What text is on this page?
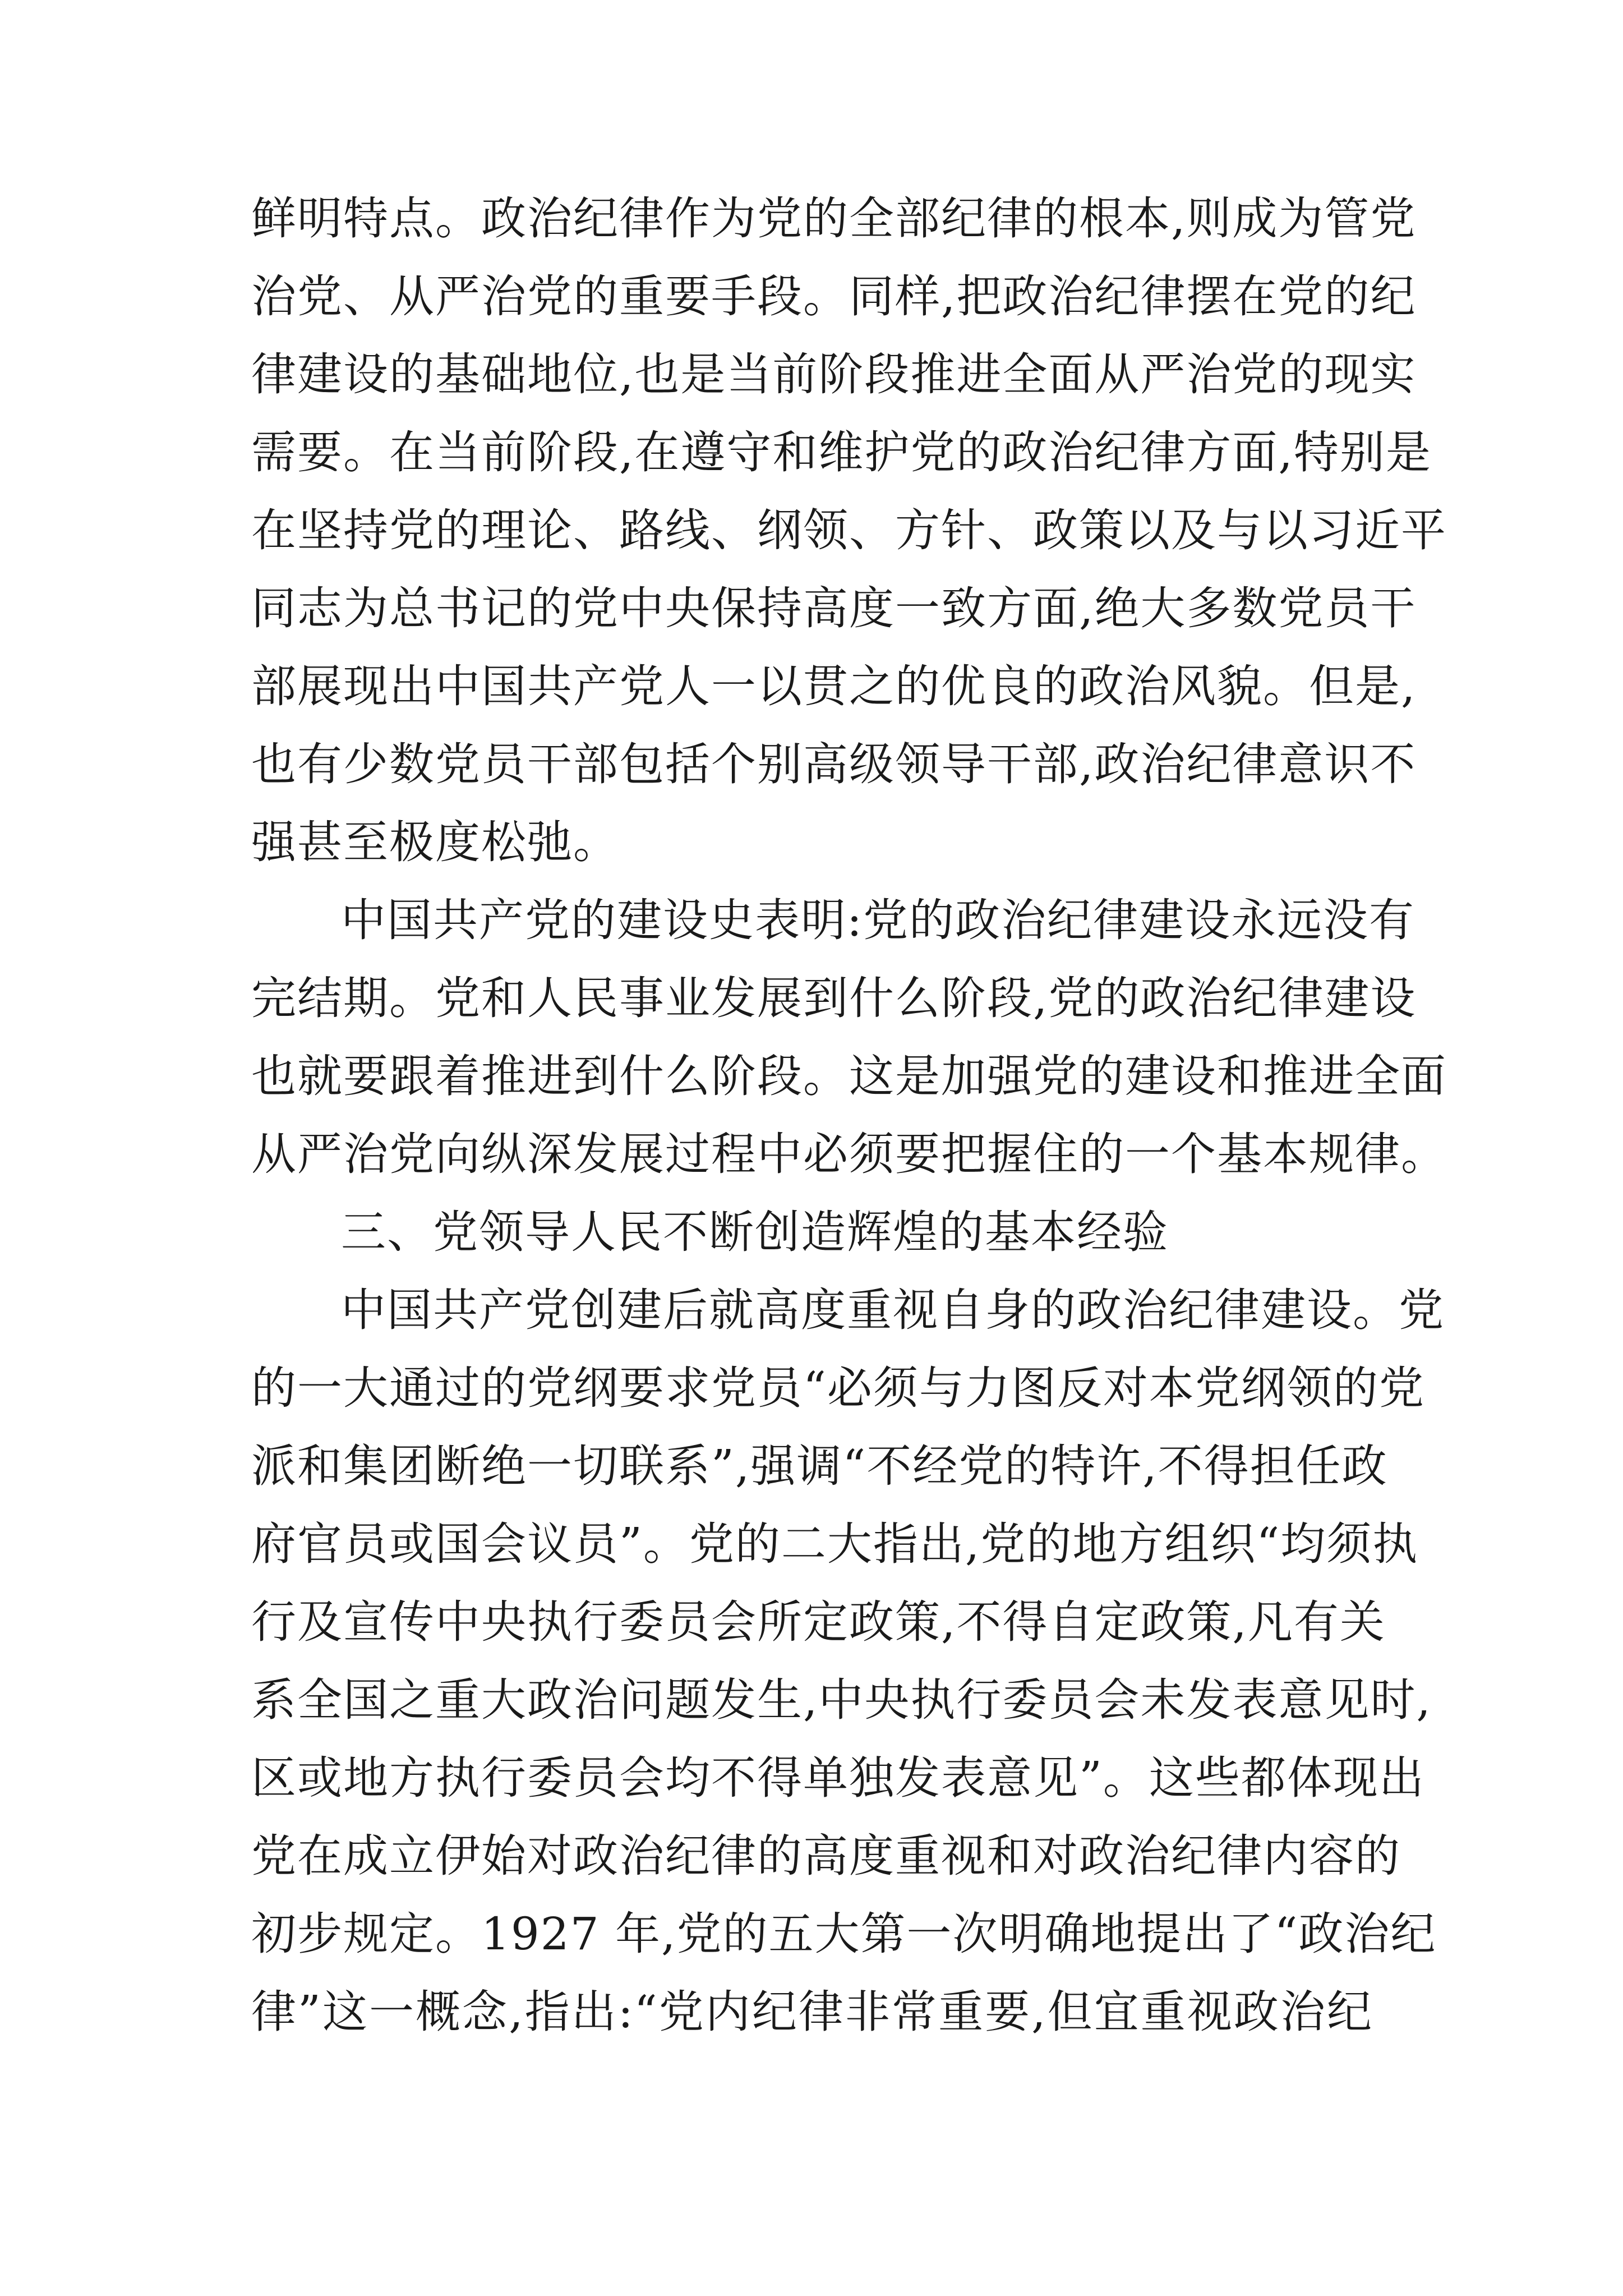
鲜明特点。政治纪律作为党的全部纪律的根本,则成为管党
治党、从严治党的重要手段。同样,把政治纪律摆在党的纪
律建设的基础地位,也是当前阶段推进全面从严治党的现实
需要。在当前阶段,在遵守和维护党的政治纪律方面,特别是
在坚持党的理论、路线、纲领、方针、政策以及与以习近平
同志为总书记的党中央保持高度一致方面,绝大多数党员干
部展现出中国共产党人一以贯之的优良的政治风貌。但是,
也有少数党员干部包括个别高级领导干部,政治纪律意识不
强甚至极度松弛。
中国共产党的建设史表明:党的政治纪律建设永远没有
完结期。党和人民事业发展到什么阶段,党的政治纪律建设
也就要跟着推进到什么阶段。这是加强党的建设和推进全面
从严治党向纵深发展过程中必须要把握住的一个基本规律。
三、党领导人民不断创造辉煌的基本经验
中国共产党创建后就高度重视自身的政治纪律建设。党
的一大通过的党纲要求党员“必须与力图反对本党纲领的党
派和集团断绝一切联系”,强调“不经党的特许,不得担任政
府官员或国会议员”。党的二大指出,党的地方组织“均须执
行及宣传中央执行委员会所定政策,不得自定政策,凡有关
系全国之重大政治问题发生,中央执行委员会未发表意见时,
区或地方执行委员会均不得单独发表意见”。这些都体现出
党在成立伊始对政治纪律的高度重视和对政治纪律内容的
初步规定。1927 年,党的五大第一次明确地提出了“政治纪
律”这一概念,指出:“党内纪律非常重要,但宜重视政治纪
